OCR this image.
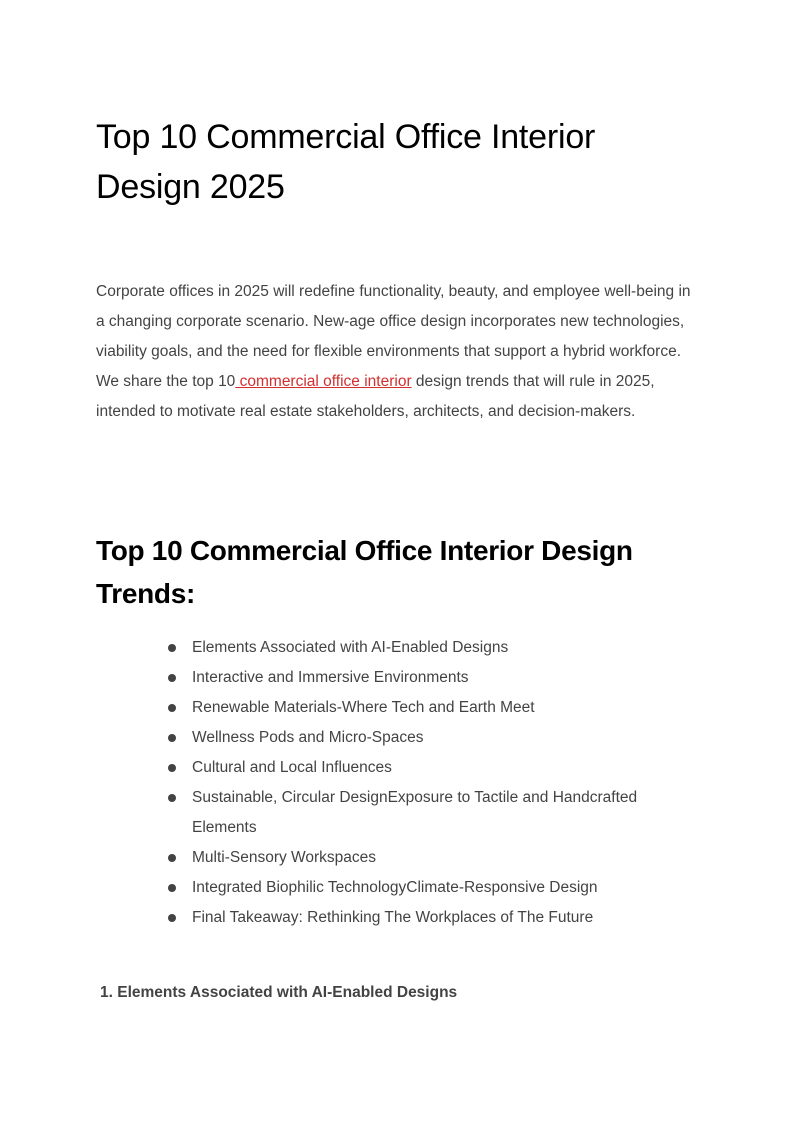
Top 10 Commercial Office Interior Design 2025

Corporate offices in 2025 will redefine functionality, beauty, and employee well-being in a changing corporate scenario. New-age office design incorporates new technologies, viability goals, and the need for flexible environments that support a hybrid workforce. We share the top 10 commercial office interior design trends that will rule in 2025, intended to motivate real estate stakeholders, architects, and decision-makers.

Top 10 Commercial Office Interior Design Trends:
Elements Associated with AI-Enabled Designs
Interactive and Immersive Environments
Renewable Materials-Where Tech and Earth Meet
Wellness Pods and Micro-Spaces
Cultural and Local Influences
Sustainable, Circular DesignExposure to Tactile and Handcrafted Elements
Multi-Sensory Workspaces
Integrated Biophilic TechnologyClimate-Responsive Design
Final Takeaway: Rethinking The Workplaces of The Future
1. Elements Associated with AI-Enabled Designs
